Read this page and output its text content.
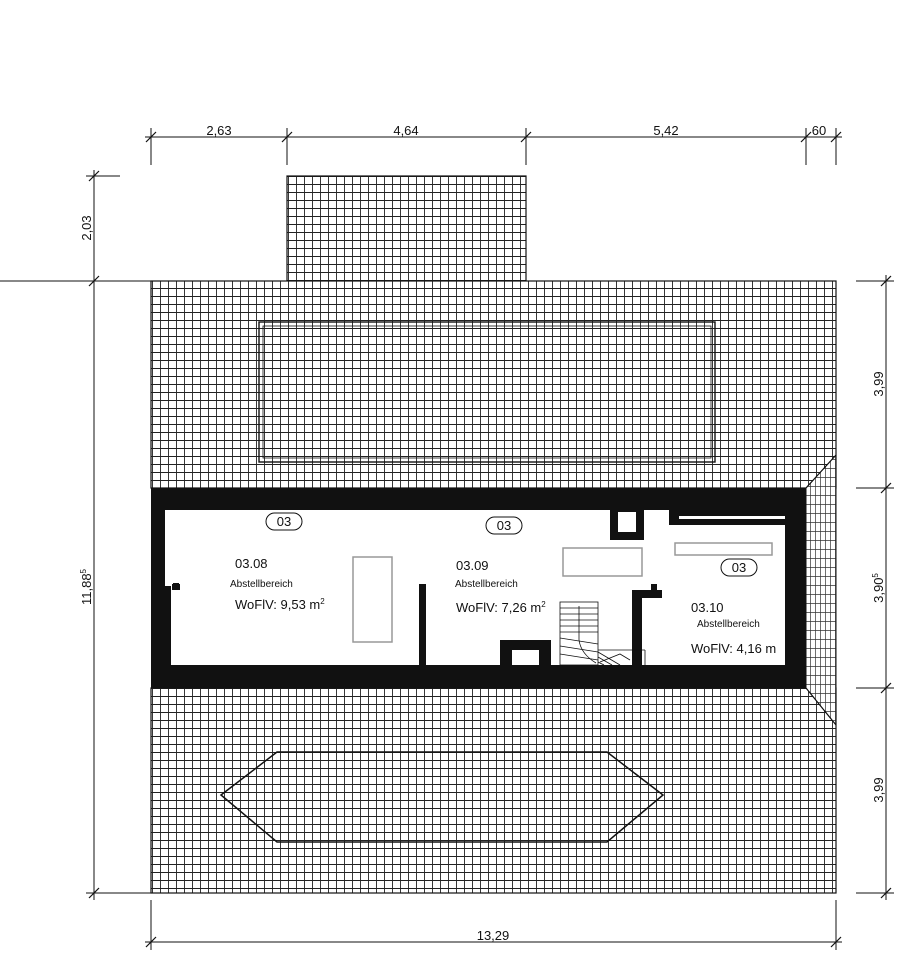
03
03.08
Abstellbereich
WoFlV: 9,53 $m^2$
03
03.09
Abstellbereich
WoFlV: 7,26 $m^2$
03
03.10
Abstellbereich
WoFlV: 4,16 m
2,63	4,64	5,42	60
13,29
2,03
11,88$^5$
3,99
3,90$^5$
3,99
